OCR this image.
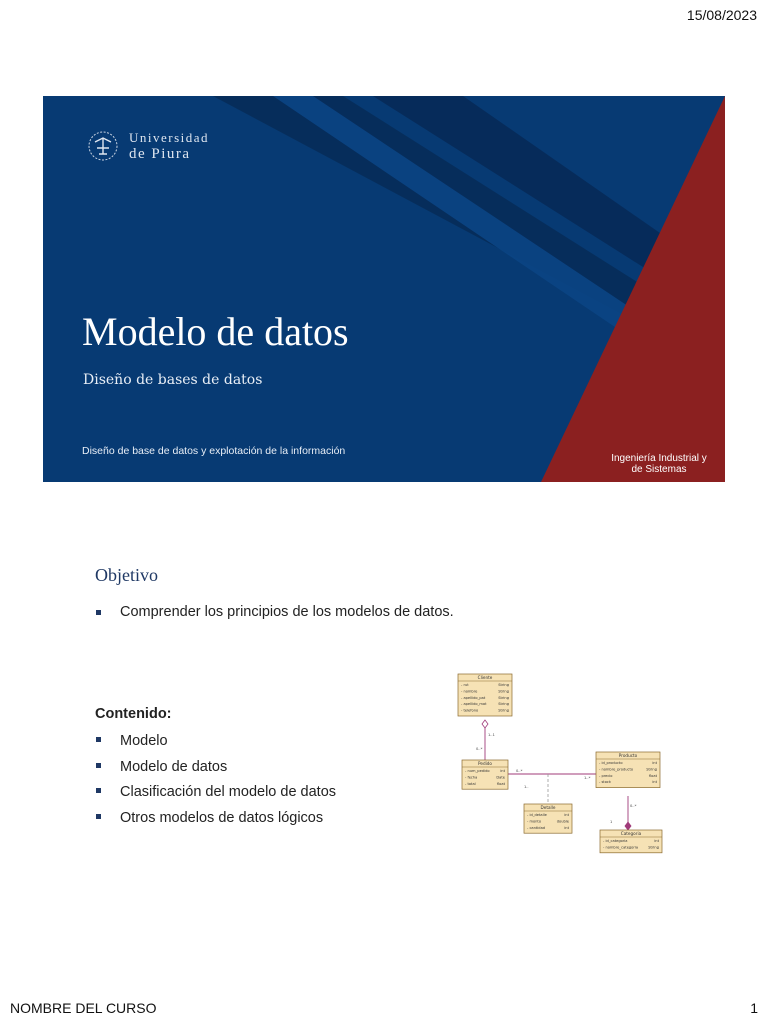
15/08/2023
Universidad
de Piura
Modelo de datos
Diseño de bases de datos
Diseño de base de datos y explotación de la información
Ingeniería Industrial y
de Sistemas
Objetivo
Comprender los principios de los modelos de datos.
Contenido:
Modelo
Modelo de datos
Clasificación del modelo de datos
Otros modelos de datos lógicos
Cliente
- rut	String
- nombre	String
- apellido_pat	String
- apellido_mat	String
- telefono	String
Pedido
- num_pedido	int
- fecha	Date
- total	float
Producto
- id_producto	int
- nombre_producto	String
- precio	float
- stock	int
Detalle
- id_detalle	int
- monto	double
- cantidad	int
Categoria
- id_categoria	int
- nombre_categoria	String
1..1
0..*
0..*
1..*
0..*
1..
1
NOMBRE DEL CURSO	1
